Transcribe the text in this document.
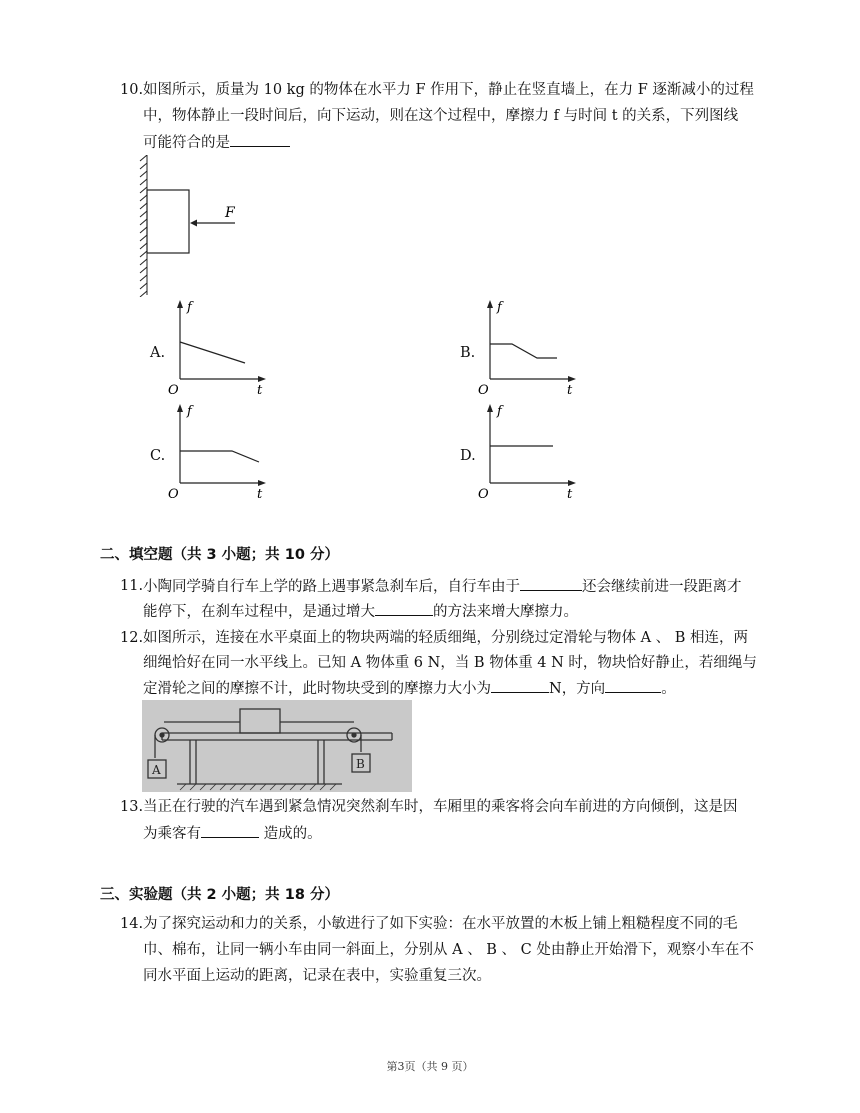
10. 如图所示，质量为 10 kg 的物体在水平力 F 作用下，静止在竖直墙上，在力 F 逐渐减小的过程
中，物体静止一段时间后，向下运动，则在这个过程中，摩擦力 f 与时间 t 的关系，下列图线
可能符合的是
F
A.
f
t
O
B.
f
t
O
C.
f
t
O
D.
f
t
O
二、填空题（共 3 小题；共 10 分）
11. 小陶同学骑自行车上学的路上遇事紧急刹车后，自行车由于	还会继续前进一段距离才
能停下，在刹车过程中，是通过增大	的方法来增大摩擦力。
12. 如图所示，连接在水平桌面上的物块两端的轻质细绳，分别绕过定滑轮与物体 A 、 B 相连，两
细绳恰好在同一水平线上。已知 A 物体重 6 N，当 B 物体重 4 N 时，物块恰好静止，若细绳与
定滑轮之间的摩擦不计，此时物块受到的摩擦力大小为	N，方向	。
A	B
13. 当正在行驶的汽车遇到紧急情况突然刹车时，车厢里的乘客将会向车前进的方向倾倒，这是因
为乘客有	造成的。
三、实验题（共 2 小题；共 18 分）
14. 为了探究运动和力的关系，小敏进行了如下实验：在水平放置的木板上铺上粗糙程度不同的毛
巾、棉布，让同一辆小车由同一斜面上，分别从 A 、 B 、 C 处由静止开始滑下，观察小车在不
同水平面上运动的距离，记录在表中，实验重复三次。
第3页（共 9 页）
